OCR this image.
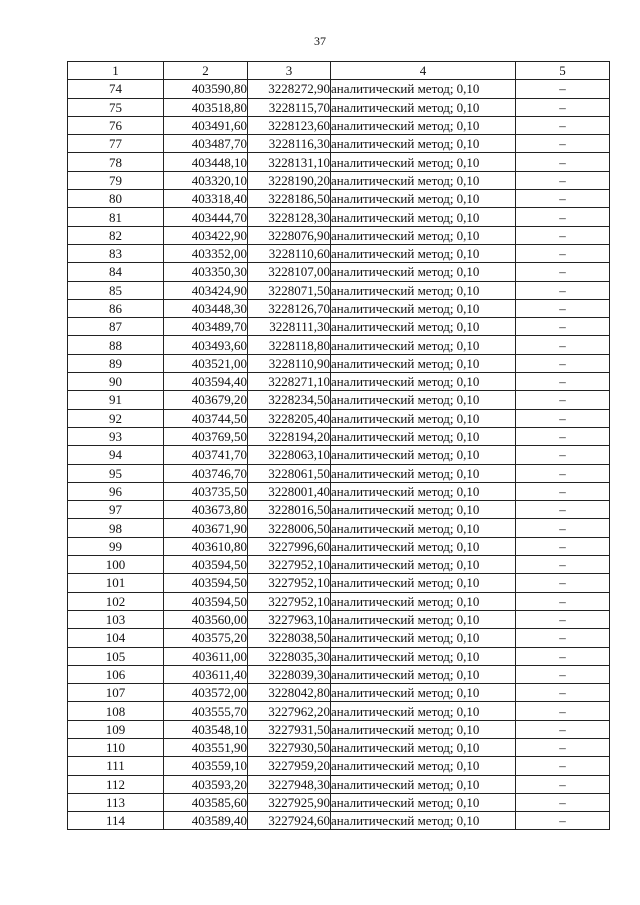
37
1	2	3	4	5
74	403590,80	3228272,90	аналитический метод; 0,10	–
75	403518,80	3228115,70	аналитический метод; 0,10	–
76	403491,60	3228123,60	аналитический метод; 0,10	–
77	403487,70	3228116,30	аналитический метод; 0,10	–
78	403448,10	3228131,10	аналитический метод; 0,10	–
79	403320,10	3228190,20	аналитический метод; 0,10	–
80	403318,40	3228186,50	аналитический метод; 0,10	–
81	403444,70	3228128,30	аналитический метод; 0,10	–
82	403422,90	3228076,90	аналитический метод; 0,10	–
83	403352,00	3228110,60	аналитический метод; 0,10	–
84	403350,30	3228107,00	аналитический метод; 0,10	–
85	403424,90	3228071,50	аналитический метод; 0,10	–
86	403448,30	3228126,70	аналитический метод; 0,10	–
87	403489,70	3228111,30	аналитический метод; 0,10	–
88	403493,60	3228118,80	аналитический метод; 0,10	–
89	403521,00	3228110,90	аналитический метод; 0,10	–
90	403594,40	3228271,10	аналитический метод; 0,10	–
91	403679,20	3228234,50	аналитический метод; 0,10	–
92	403744,50	3228205,40	аналитический метод; 0,10	–
93	403769,50	3228194,20	аналитический метод; 0,10	–
94	403741,70	3228063,10	аналитический метод; 0,10	–
95	403746,70	3228061,50	аналитический метод; 0,10	–
96	403735,50	3228001,40	аналитический метод; 0,10	–
97	403673,80	3228016,50	аналитический метод; 0,10	–
98	403671,90	3228006,50	аналитический метод; 0,10	–
99	403610,80	3227996,60	аналитический метод; 0,10	–
100	403594,50	3227952,10	аналитический метод; 0,10	–
101	403594,50	3227952,10	аналитический метод; 0,10	–
102	403594,50	3227952,10	аналитический метод; 0,10	–
103	403560,00	3227963,10	аналитический метод; 0,10	–
104	403575,20	3228038,50	аналитический метод; 0,10	–
105	403611,00	3228035,30	аналитический метод; 0,10	–
106	403611,40	3228039,30	аналитический метод; 0,10	–
107	403572,00	3228042,80	аналитический метод; 0,10	–
108	403555,70	3227962,20	аналитический метод; 0,10	–
109	403548,10	3227931,50	аналитический метод; 0,10	–
110	403551,90	3227930,50	аналитический метод; 0,10	–
111	403559,10	3227959,20	аналитический метод; 0,10	–
112	403593,20	3227948,30	аналитический метод; 0,10	–
113	403585,60	3227925,90	аналитический метод; 0,10	–
114	403589,40	3227924,60	аналитический метод; 0,10	–
